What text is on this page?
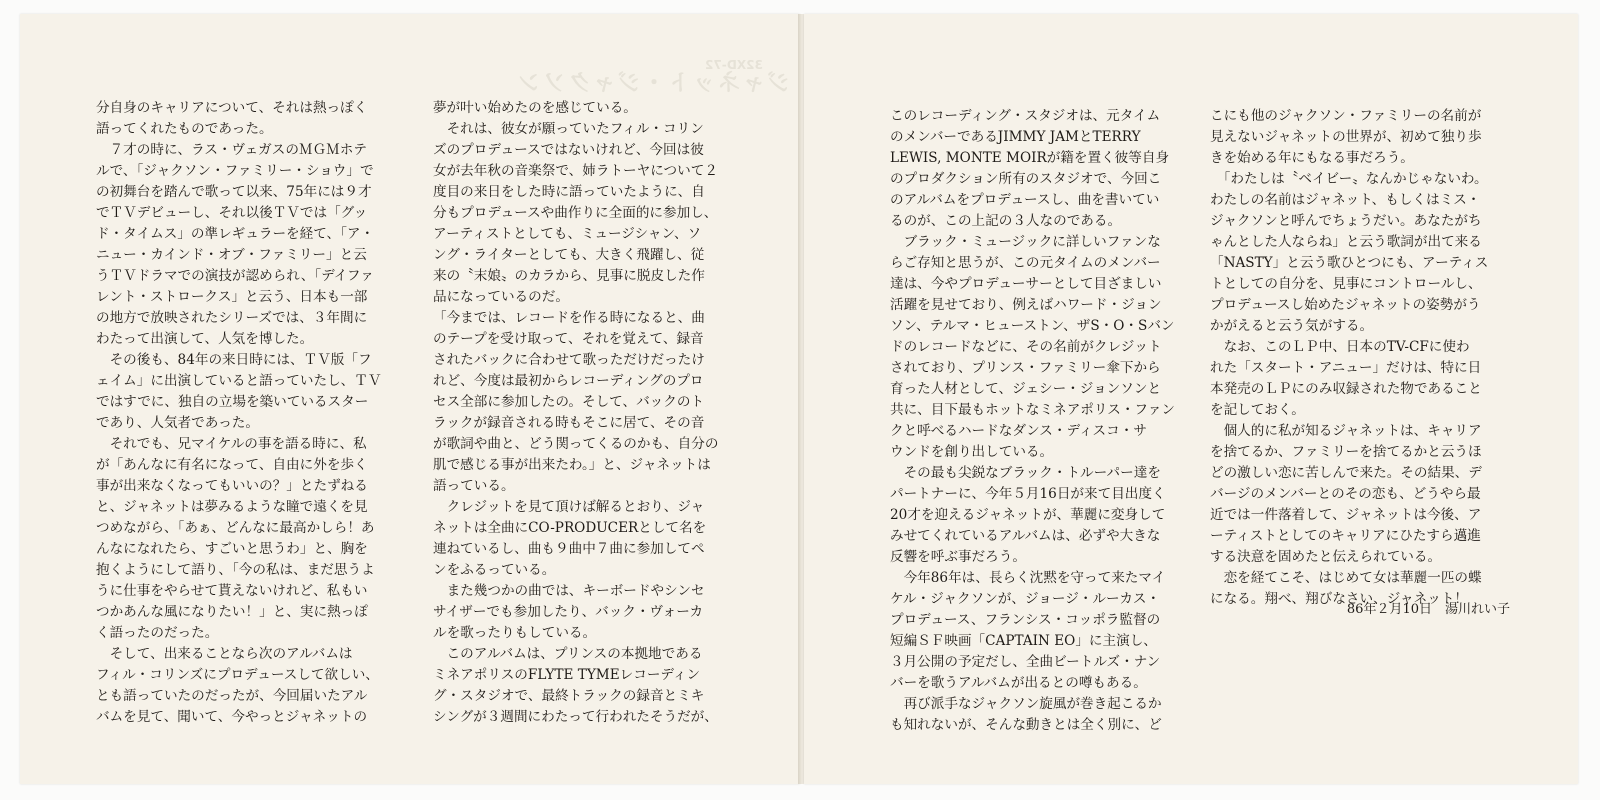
32XD-72
ジャネット・ジャクソン

分自身のキャリアについて、それは熱っぽく

語ってくれたものであった。

　７才の時に、ラス・ヴェガスのＭＧＭホテ

ルで、「ジャクソン・ファミリー・ショウ」で

の初舞台を踏んで歌って以来、75年には９才

でＴＶデビューし、それ以後ＴＶでは「グッ

ド・タイムス」の準レギュラーを経て、「ア・

ニュー・カインド・オブ・ファミリー」と云

うＴＶドラマでの演技が認められ、「デイファ

レント・ストロークス」と云う、日本も一部

の地方で放映されたシリーズでは、３年間に

わたって出演して、人気を博した。

　その後も、84年の来日時には、ＴＶ版「フ

ェイム」に出演していると語っていたし、ＴＶ

ではすでに、独自の立場を築いているスター

であり、人気者であった。

　それでも、兄マイケルの事を語る時に、私

が「あんなに有名になって、自由に外を歩く

事が出来なくなってもいいの？」とたずねる

と、ジャネットは夢みるような瞳で遠くを見

つめながら、「あぁ、どんなに最高かしら！あ

んなになれたら、すごいと思うわ」と、胸を

抱くようにして語り、「今の私は、まだ思うよ

うに仕事をやらせて貰えないけれど、私もい

つかあんな風になりたい！」と、実に熱っぽ

く語ったのだった。

　そして、出来ることなら次のアルバムは

フィル・コリンズにプロデュースして欲しい、

とも語っていたのだったが、今回届いたアル

バムを見て、聞いて、今やっとジャネットの

夢が叶い始めたのを感じている。

　それは、彼女が願っていたフィル・コリン

ズのプロデュースではないけれど、今回は彼

女が去年秋の音楽祭で、姉ラトーヤについて２

度目の来日をした時に語っていたように、自

分もプロデュースや曲作りに全面的に参加し、

アーティストとしても、ミュージシャン、ソ

ング・ライターとしても、大きく飛躍し、従

来の〝末娘〟のカラから、見事に脱皮した作

品になっているのだ。

「今までは、レコードを作る時になると、曲

のテープを受け取って、それを覚えて、録音

されたバックに合わせて歌っただけだったけ

れど、今度は最初からレコーディングのプロ

セス全部に参加したの。そして、バックのト

ラックが録音される時もそこに居て、その音

が歌詞や曲と、どう関ってくるのかも、自分の

肌で感じる事が出来たわ。」と、ジャネットは

語っている。

　クレジットを見て頂けば解るとおり、ジャ

ネットは全曲にCO-PRODUCERとして名を

連ねているし、曲も９曲中７曲に参加してペ

ンをふるっている。

　また幾つかの曲では、キーボードやシンセ

サイザーでも参加したり、バック・ヴォーカ

ルを歌ったりもしている。

　このアルバムは、プリンスの本拠地である

ミネアポリスのFLYTE TYMEレコーディン

グ・スタジオで、最終トラックの録音とミキ

シングが３週間にわたって行われたそうだが、

このレコーディング・スタジオは、元タイム

のメンバーであるJIMMY JAMとTERRY

LEWIS, MONTE MOIRが籍を置く彼等自身

のプロダクション所有のスタジオで、今回こ

のアルバムをプロデュースし、曲を書いてい

るのが、この上記の３人なのである。

　ブラック・ミュージックに詳しいファンな

らご存知と思うが、この元タイムのメンバー

達は、今やプロデューサーとして目ざましい

活躍を見せており、例えばハワード・ジョン

ソン、テルマ・ヒューストン、ザS・O・Sバン

ドのレコードなどに、その名前がクレジット

されており、プリンス・ファミリー傘下から

育った人材として、ジェシー・ジョンソンと

共に、目下最もホットなミネアポリス・ファン

クと呼べるハードなダンス・ディスコ・サ

ウンドを創り出している。

　その最も尖鋭なブラック・トルーパー達を

パートナーに、今年５月16日が来て目出度く

20才を迎えるジャネットが、華麗に変身して

みせてくれているアルバムは、必ずや大きな

反響を呼ぶ事だろう。

　今年86年は、長らく沈黙を守って来たマイ

ケル・ジャクソンが、ジョージ・ルーカス・

プロデュース、フランシス・コッポラ監督の

短編ＳＦ映画「CAPTAIN EO」に主演し、

３月公開の予定だし、全曲ビートルズ・ナン

バーを歌うアルバムが出るとの噂もある。

　再び派手なジャクソン旋風が巻き起こるか

も知れないが、そんな動きとは全く別に、ど

こにも他のジャクソン・ファミリーの名前が

見えないジャネットの世界が、初めて独り歩

きを始める年にもなる事だろう。

　「わたしは〝ベイビー〟なんかじゃないわ。

わたしの名前はジャネット、もしくはミス・

ジャクソンと呼んでちょうだい。あなたがち

ゃんとした人ならね」と云う歌詞が出て来る

「NASTY」と云う歌ひとつにも、アーティス

トとしての自分を、見事にコントロールし、

プロデュースし始めたジャネットの姿勢がう

かがえると云う気がする。

　なお、このＬＰ中、日本のTV-CFに使わ

れた「スタート・アニュー」だけは、特に日

本発売のＬＰにのみ収録された物であること

を記しておく。

　個人的に私が知るジャネットは、キャリア

を捨てるか、ファミリーを捨てるかと云うほ

どの激しい恋に苦しんで来た。その結果、デ

バージのメンバーとのその恋も、どうやら最

近では一件落着して、ジャネットは今後、ア

ーティストとしてのキャリアにひたすら邁進

する決意を固めたと伝えられている。

　恋を経てこそ、はじめて女は華麗一匹の蝶

になる。翔べ、翔びなさい、ジャネット！

86年２月10日　湯川れい子
